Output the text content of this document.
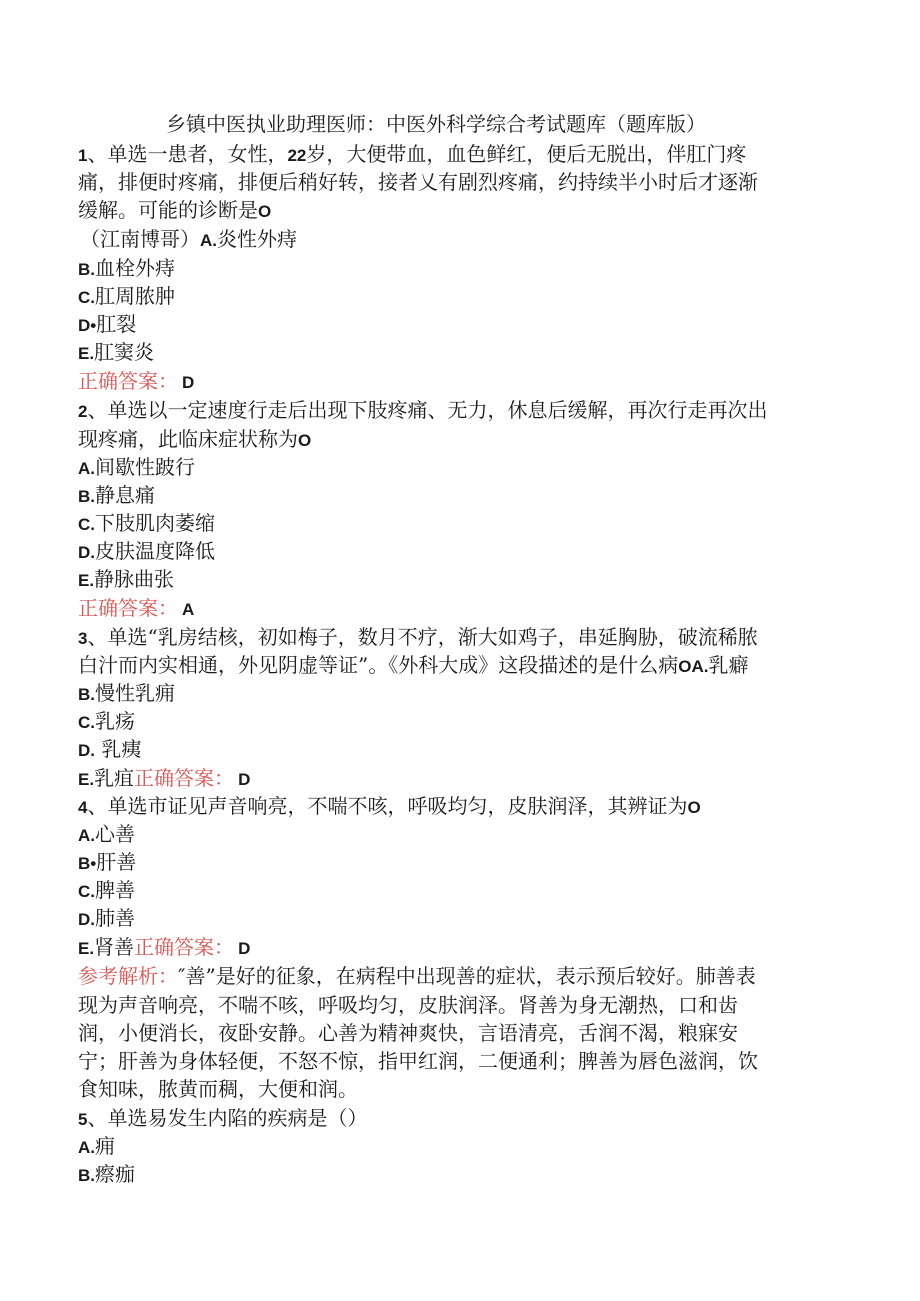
乡镇中医执业助理医师：中医外科学综合考试题库（题库版）
1、单选一患者，女性，22岁，大便带血，血色鲜红，便后无脱出，伴肛门疼
痛，排便时疼痛，排便后稍好转，接者乂有剧烈疼痛，约持续半小时后才逐渐
缓解。可能的诊断是O
（江南博哥）A.炎性外痔
B.血栓外痔
C.肛周脓肿
D•肛裂
E.肛窦炎
正确答案： D
2、单选以一定速度行走后出现下肢疼痛、无力，休息后缓解，再次行走再次出
现疼痛，此临床症状称为O
A.间歇性跛行
B.静息痛
C.下肢肌肉萎缩
D.皮肤温度降低
E.静脉曲张
正确答案： A
3、单选“乳房结核，初如梅子，数月不疗，渐大如鸡子，串延胸胁，破流稀脓
白汁而内实相通，外见阴虚等证”。《外科大成》这段描述的是什么病OA.乳癖
B.慢性乳痈
C.乳疡
D. 乳痍
E.乳疽正确答案： D
4、单选市证见声音响亮，不喘不咳，呼吸均匀，皮肤润泽，其辨证为O
A.心善
B•肝善
C.脾善
D.肺善
E.肾善正确答案： D
参考解析：″善”是好的征象，在病程中出现善的症状，表示预后较好。肺善表
现为声音响亮，不喘不咳，呼吸均匀，皮肤润泽。肾善为身无潮热，口和齿
润，小便消长，夜卧安静。心善为精神爽快，言语清亮，舌润不渴，粮寐安
宁；肝善为身体轻便，不怒不惊，指甲红润，二便通利；脾善为唇色滋润，饮
食知味，脓黄而稠，大便和润。
5、单选易发生内陷的疾病是（）
A.痈
B.瘵痂
